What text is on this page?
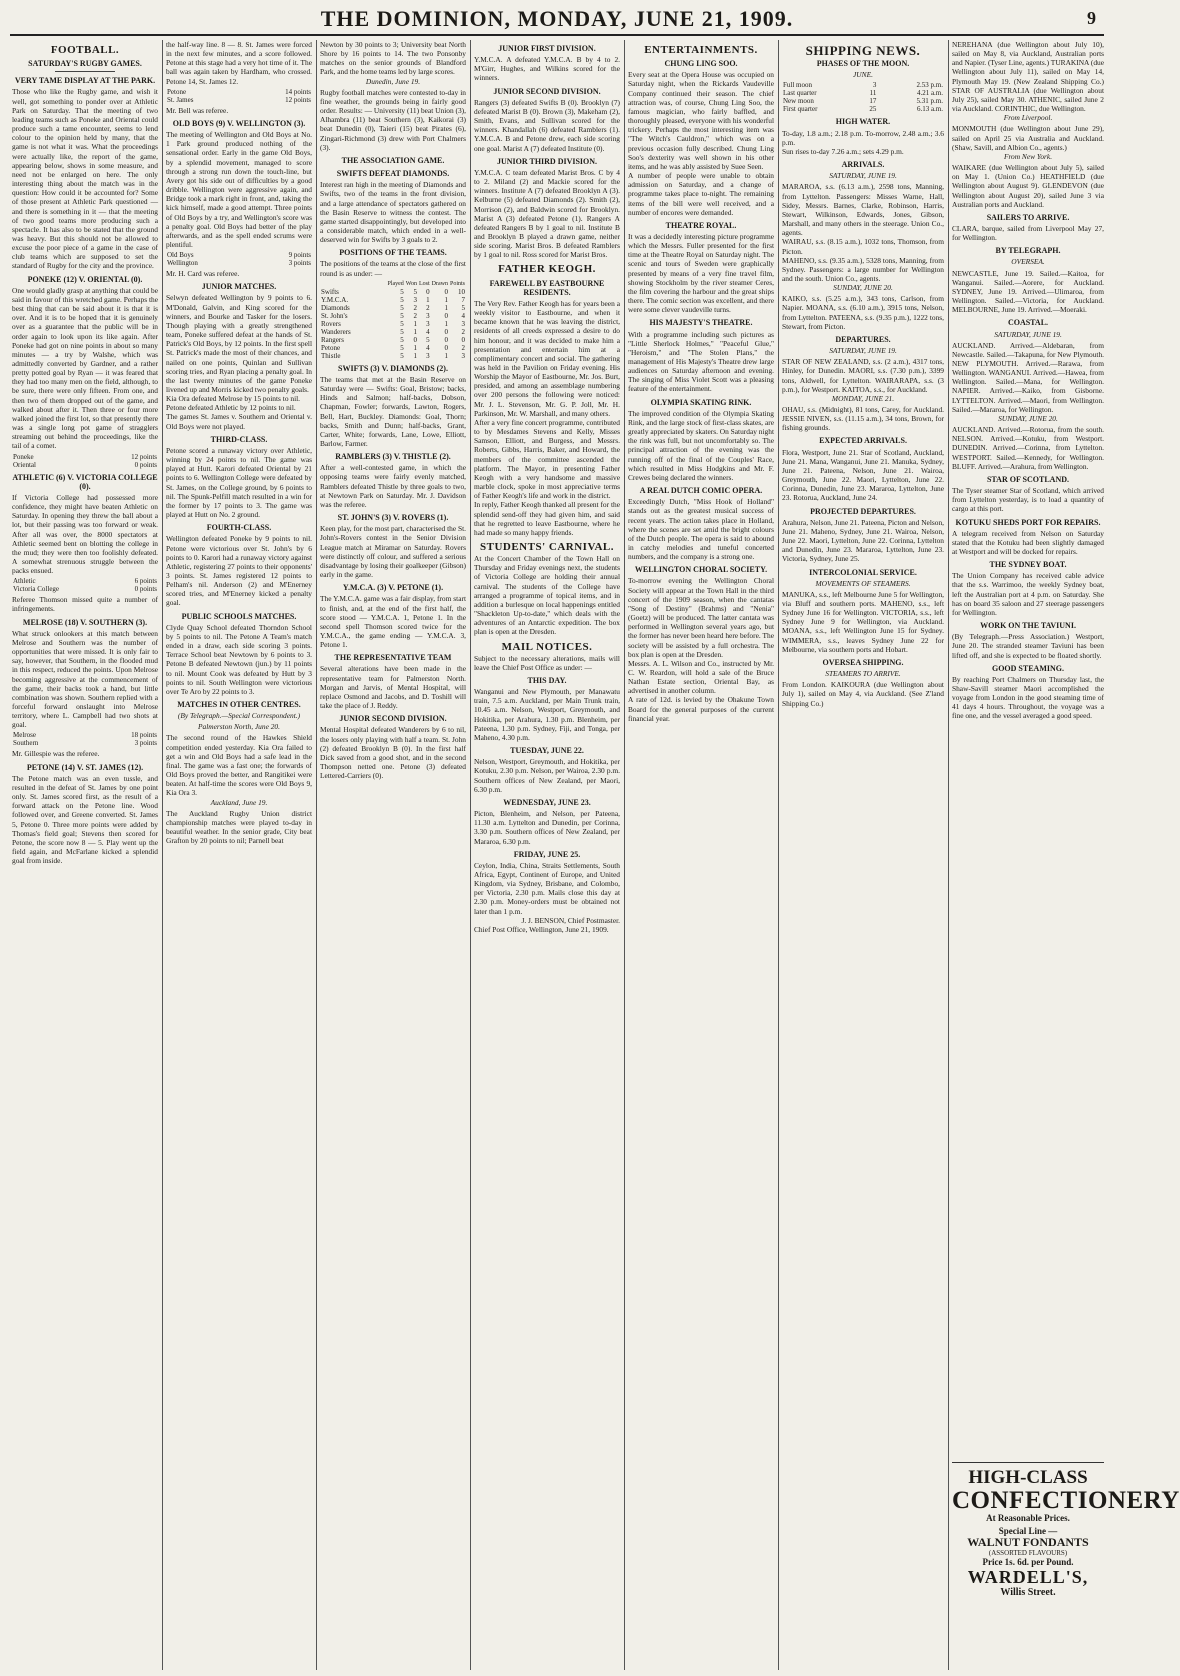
THE DOMINION, MONDAY, JUNE 21, 1909.	9
FOOTBALL.
SATURDAY'S RUGBY GAMES.
VERY TAME DISPLAY AT THE PARK.

Those who like the Rugby game, and wish it well, got something to ponder over at Athletic Park on Saturday. That the meeting of two leading teams such as Poneke and Oriental could produce such a tame encounter, seems to lend colour to the opinion held by many, that the game is not what it was. What the proceedings were actually like, the report of the game, appearing below, shows in some measure, and need not be enlarged on here. The only interesting thing about the match was in the question: How could it be accounted for? Some of those present at Athletic Park questioned — and there is something in it — that the meeting of two good teams more producing such a spectacle. It has also to be stated that the ground was heavy. But this should not be allowed to excuse the poor piece of a game in the case of club teams which are supposed to set the standard of Rugby for the city and the province.

PONEKE (12) V. ORIENTAL (0).

One would gladly grasp at anything that could be said in favour of this wretched game. Perhaps the best thing that can be said about it is that it is over. And it is to be hoped that it is genuinely over as a guarantee that the public will be in order again to look upon its like again. After Poneke had got on nine points in about so many minutes — a try by Walshe, which was admittedly converted by Gardner, and a rather pretty potted goal by Ryan — it was feared that they had too many men on the field, although, to be sure, there were only fifteen. From one, and then two of them dropped out of the game, and walked about after it. Then three or four more walked joined the first lot, so that presently there was a single long pot game of stragglers streaming out behind the proceedings, like the tail of a comet.

Poneke	12 points
Oriental	0 points
ATHLETIC (6) V. VICTORIA COLLEGE (0).

If Victoria College had possessed more confidence, they might have beaten Athletic on Saturday. In opening they threw the ball about a lot, but their passing was too forward or weak. After all was over, the 8000 spectators at Athletic seemed bent on blotting the college in the mud; they were then too foolishly defeated. A somewhat strenuous struggle between the packs ensued.

Athletic	6 points
Victoria College	0 points

Referee Thomson missed quite a number of infringements.

MELROSE (18) V. SOUTHERN (3).

What struck onlookers at this match between Melrose and Southern was the number of opportunities that were missed. It is only fair to say, however, that Southern, in the flooded mud in this respect, reduced the points. Upon Melrose becoming aggressive at the commencement of the game, their backs took a hand, but little combination was shown. Southern replied with a forceful forward onslaught into Melrose territory, where L. Campbell had two shots at goal.

Melrose	18 points
Southern	3 points

Mr. Gillespie was the referee.

PETONE (14) V. ST. JAMES (12).

The Petone match was an even tussle, and resulted in the defeat of St. James by one point only. St. James scored first, as the result of a forward attack on the Petone line. Wood followed over, and Greene converted. St. James 5, Petone 0. Three more points were added by Thomas's field goal; Stevens then scored for Petone, the score now 8 — 5. Play went up the field again, and McFarlane kicked a splendid goal from inside.

the half-way line. 8 — 8. St. James were forced in the next few minutes, and a score followed. Petone at this stage had a very hot time of it. The ball was again taken by Hardham, who crossed. Petone 14, St. James 12.

Petone	14 points
St. James	12 points

Mr. Bell was referee.

OLD BOYS (9) V. WELLINGTON (3).

The meeting of Wellington and Old Boys at No. 1 Park ground produced nothing of the sensational order. Early in the game Old Boys, by a splendid movement, managed to score through a strong run down the touch-line, but Avery got his side out of difficulties by a good dribble. Wellington were aggressive again, and Bridge took a mark right in front, and, taking the kick himself, made a good attempt. Three points of Old Boys by a try, and Wellington's score was a penalty goal. Old Boys had better of the play afterwards, and as the spell ended scrums were plentiful.

Old Boys	9 points
Wellington	3 points

Mr. H. Card was referee.

JUNIOR MATCHES.

Selwyn defeated Wellington by 9 points to 6. M'Donald, Galvin, and King scored for the winners, and Bourke and Tasker for the losers. Though playing with a greatly strengthened team, Poneke suffered defeat at the hands of St. Patrick's Old Boys, by 12 points. In the first spell St. Patrick's made the most of their chances, and nailed on one points, Quinlan and Sullivan scoring tries, and Ryan placing a penalty goal. In the last twenty minutes of the game Poneke livened up and Morris kicked two penalty goals.

Kia Ora defeated Melrose by 15 points to nil.

Petone defeated Athletic by 12 points to nil.

The games St. James v. Southern and Oriental v. Old Boys were not played.

THIRD-CLASS.

Petone scored a runaway victory over Athletic, winning by 24 points to nil. The game was played at Hutt. Karori defeated Oriental by 21 points to 6. Wellington College were defeated by St. James, on the College ground, by 6 points to nil. The Spunk-Pelfill match resulted in a win for the former by 17 points to 3. The game was played at Hutt on No. 2 ground.

FOURTH-CLASS.

Wellington defeated Poneke by 9 points to nil. Petone were victorious over St. John's by 6 points to 0. Karori had a runaway victory against Athletic, registering 27 points to their opponents' 3 points. St. James registered 12 points to Pelham's nil. Anderson (2) and M'Enerney scored tries, and M'Enerney kicked a penalty goal.

PUBLIC SCHOOLS MATCHES.

Clyde Quay School defeated Thorndon School by 5 points to nil. The Petone A Team's match ended in a draw, each side scoring 3 points. Terrace School beat Newtown by 6 points to 3. Petone B defeated Newtown (jun.) by 11 points to nil. Mount Cook was defeated by Hutt by 3 points to nil. South Wellington were victorious over Te Aro by 22 points to 3.

MATCHES IN OTHER CENTRES.
(By Telegraph.—Special Correspondent.)
Palmerston North, June 20.

The second round of the Hawkes Shield competition ended yesterday. Kia Ora failed to get a win and Old Boys had a safe lead in the final. The game was a fast one; the forwards of Old Boys proved the better, and Rangitikei were beaten. At half-time the scores were Old Boys 9, Kia Ora 3.

Auckland, June 19.

The Auckland Rugby Union district championship matches were played to-day in beautiful weather. In the senior grade, City beat Grafton by 20 points to nil; Parnell beat

Newton by 30 points to 3; University beat North Shore by 16 points to 14. The two Ponsonby matches on the senior grounds of Blandford Park, and the home teams led by large scores.

Dunedin, June 19.

Rugby football matches were contested to-day in fine weather, the grounds being in fairly good order. Results: — University (11) beat Union (3), Alhambra (11) beat Southern (3), Kaikorai (3) beat Dunedin (0), Taieri (15) beat Pirates (6), Zingari-Richmond (3) drew with Port Chalmers (3).

THE ASSOCIATION GAME.
SWIFTS DEFEAT DIAMONDS.

Interest ran high in the meeting of Diamonds and Swifts, two of the teams in the front division, and a large attendance of spectators gathered on the Basin Reserve to witness the contest. The game started disappointingly, but developed into a considerable match, which ended in a well-deserved win for Swifts by 3 goals to 2.

POSITIONS OF THE TEAMS.

The positions of the teams at the close of the first round is as under: —

	Played	Won	Lost	Drawn	Points
Swifts	5	5	0	0	10
Y.M.C.A.	5	3	1	1	7
Diamonds	5	2	2	1	5
St. John's	5	2	3	0	4
Rovers	5	1	3	1	3
Wanderers	5	1	4	0	2
Rangers	5	0	5	0	0
Petone	5	1	4	0	2
Thistle	5	1	3	1	3
SWIFTS (3) V. DIAMONDS (2).

The teams that met at the Basin Reserve on Saturday were — Swifts: Goal, Bristow; backs, Hinds and Salmon; half-backs, Dobson, Chapman, Fowler; forwards, Lawton, Rogers, Bell, Hart, Buckley. Diamonds: Goal, Thorn; backs, Smith and Dunn; half-backs, Grant, Carter, White; forwards, Lane, Lowe, Elliott, Barlow, Farmer.

RAMBLERS (3) V. THISTLE (2).

After a well-contested game, in which the opposing teams were fairly evenly matched, Ramblers defeated Thistle by three goals to two, at Newtown Park on Saturday. Mr. J. Davidson was the referee.

ST. JOHN'S (3) V. ROVERS (1).

Keen play, for the most part, characterised the St. John's-Rovers contest in the Senior Division League match at Miramar on Saturday. Rovers were distinctly off colour, and suffered a serious disadvantage by losing their goalkeeper (Gibson) early in the game.

Y.M.C.A. (3) V. PETONE (1).

The Y.M.C.A. game was a fair display, from start to finish, and, at the end of the first half, the score stood — Y.M.C.A. 1, Petone 1. In the second spell Thomson scored twice for the Y.M.C.A., the game ending — Y.M.C.A. 3, Petone 1.

THE REPRESENTATIVE TEAM

Several alterations have been made in the representative team for Palmerston North. Morgan and Jarvis, of Mental Hospital, will replace Osmond and Jacobs, and D. Toshill will take the place of J. Reddy.

JUNIOR SECOND DIVISION.

Mental Hospital defeated Wanderers by 6 to nil, the losers only playing with half a team. St. John (2) defeated Brooklyn B (0). In the first half Dick saved from a good shot, and in the second Thompson netted one. Petone (3) defeated Lettered-Carriers (0).

JUNIOR FIRST DIVISION.

Y.M.C.A. A defeated Y.M.C.A. B by 4 to 2. M'Girr, Hughes, and Wilkins scored for the winners.

JUNIOR SECOND DIVISION.

Rangers (3) defeated Swifts B (0). Brooklyn (7) defeated Marist B (0). Brown (3), Makeham (2), Smith, Evans, and Sullivan scored for the winners. Khandallah (6) defeated Ramblers (1). Y.M.C.A. B and Petone drew, each side scoring one goal. Marist A (7) defeated Institute (0).

JUNIOR THIRD DIVISION.

Y.M.C.A. C team defeated Marist Bros. C by 4 to 2. Miland (2) and Mackie scored for the winners. Institute A (7) defeated Brooklyn A (3). Kelburne (5) defeated Diamonds (2). Smith (2), Morrison (2), and Baldwin scored for Brooklyn. Marist A (3) defeated Petone (1). Rangers A defeated Rangers B by 1 goal to nil. Institute B and Brooklyn B played a drawn game, neither side scoring. Marist Bros. B defeated Ramblers by 1 goal to nil. Ross scored for Marist Bros.

FATHER KEOGH.
FAREWELL BY EASTBOURNE RESIDENTS.

The Very Rev. Father Keogh has for years been a weekly visitor to Eastbourne, and when it became known that he was leaving the district, residents of all creeds expressed a desire to do him honour, and it was decided to make him a presentation and entertain him at a complimentary concert and social. The gathering was held in the Pavilion on Friday evening. His Worship the Mayor of Eastbourne, Mr. Jos. Burt, presided, and among an assemblage numbering over 200 persons the following were noticed: Mr. J. L. Stevenson, Mr. G. P. Joll, Mr. H. Parkinson, Mr. W. Marshall, and many others.

After a very fine concert programme, contributed to by Mesdames Stevens and Kelly, Misses Samson, Elliott, and Burgess, and Messrs. Roberts, Gibbs, Harris, Baker, and Howard, the members of the committee ascended the platform. The Mayor, in presenting Father Keogh with a very handsome and massive marble clock, spoke in most appreciative terms of Father Keogh's life and work in the district.

In reply, Father Keogh thanked all present for the splendid send-off they had given him, and said that he regretted to leave Eastbourne, where he had made so many happy friends.

STUDENTS' CARNIVAL.

At the Concert Chamber of the Town Hall on Thursday and Friday evenings next, the students of Victoria College are holding their annual carnival. The students of the College have arranged a programme of topical items, and in addition a burlesque on local happenings entitled "Shackleton Up-to-date," which deals with the adventures of an Antarctic expedition. The box plan is open at the Dresden.

MAIL NOTICES.

Subject to the necessary alterations, mails will leave the Chief Post Office as under: —

THIS DAY.

Wanganui and New Plymouth, per Manawatu train, 7.5 a.m. Auckland, per Main Trunk train, 10.45 a.m. Nelson, Westport, Greymouth, and Hokitika, per Arahura, 1.30 p.m. Blenheim, per Pateena, 1.30 p.m. Sydney, Fiji, and Tonga, per Maheno, 4.30 p.m.

TUESDAY, JUNE 22.

Nelson, Westport, Greymouth, and Hokitika, per Kotuku, 2.30 p.m. Nelson, per Wairoa, 2.30 p.m. Southern offices of New Zealand, per Maori, 6.30 p.m.

WEDNESDAY, JUNE 23.

Picton, Blenheim, and Nelson, per Pateena, 11.30 a.m. Lyttelton and Dunedin, per Corinna, 3.30 p.m. Southern offices of New Zealand, per Mararoa, 6.30 p.m.

FRIDAY, JUNE 25.

Ceylon, India, China, Straits Settlements, South Africa, Egypt, Continent of Europe, and United Kingdom, via Sydney, Brisbane, and Colombo, per Victoria, 2.30 p.m. Mails close this day at 2.30 p.m. Money-orders must be obtained not later than 1 p.m.

J. J. BENSON, Chief Postmaster.

Chief Post Office, Wellington, June 21, 1909.

ENTERTAINMENTS.
CHUNG LING SOO.

Every seat at the Opera House was occupied on Saturday night, when the Rickards Vaudeville Company continued their season. The chief attraction was, of course, Chung Ling Soo, the famous magician, who fairly baffled, and thoroughly pleased, everyone with his wonderful trickery. Perhaps the most interesting item was "The Witch's Cauldron," which was on a previous occasion fully described. Chung Ling Soo's dexterity was well shown in his other items, and he was ably assisted by Suee Seen.

A number of people were unable to obtain admission on Saturday, and a change of programme takes place to-night. The remaining items of the bill were well received, and a number of encores were demanded.

THEATRE ROYAL.

It was a decidedly interesting picture programme which the Messrs. Fuller presented for the first time at the Theatre Royal on Saturday night. The scenic and tours of Sweden were graphically presented by means of a very fine travel film, showing Stockholm by the river steamer Ceres, the film covering the harbour and the great ships there. The comic section was excellent, and there were some clever vaudeville turns.

HIS MAJESTY'S THEATRE.

With a programme including such pictures as "Little Sherlock Holmes," "Peaceful Glue," "Heroism," and "The Stolen Plans," the management of His Majesty's Theatre drew large audiences on Saturday afternoon and evening. The singing of Miss Violet Scott was a pleasing feature of the entertainment.

OLYMPIA SKATING RINK.

The improved condition of the Olympia Skating Rink, and the large stock of first-class skates, are greatly appreciated by skaters. On Saturday night the rink was full, but not uncomfortably so. The principal attraction of the evening was the running off of the final of the Couples' Race, which resulted in Miss Hodgkins and Mr. F. Crewes being declared the winners.

A REAL DUTCH COMIC OPERA.

Exceedingly Dutch, "Miss Hook of Holland" stands out as the greatest musical success of recent years. The action takes place in Holland, where the scenes are set amid the bright colours of the Dutch people. The opera is said to abound in catchy melodies and tuneful concerted numbers, and the company is a strong one.

WELLINGTON CHORAL SOCIETY.

To-morrow evening the Wellington Choral Society will appear at the Town Hall in the third concert of the 1909 season, when the cantatas "Song of Destiny" (Brahms) and "Nenia" (Goetz) will be produced. The latter cantata was performed in Wellington several years ago, but the former has never been heard here before. The society will be assisted by a full orchestra. The box plan is open at the Dresden.

Messrs. A. L. Wilson and Co., instructed by Mr. C. W. Reardon, will hold a sale of the Bruce Nathan Estate section, Oriental Bay, as advertised in another column.

A rate of 12d. is levied by the Ohakune Town Board for the general purposes of the current financial year.

SHIPPING NEWS.
PHASES OF THE MOON.
JUNE.
Full moon	3	2.53 p.m.
Last quarter	11	4.21 a.m.
New moon	17	5.31 p.m.
First quarter	25	6.13 a.m.
HIGH WATER.

To-day, 1.8 a.m.; 2.18 p.m. To-morrow, 2.48 a.m.; 3.6 p.m.

Sun rises to-day 7.26 a.m.; sets 4.29 p.m.

ARRIVALS.
SATURDAY, JUNE 19.

MARAROA, s.s. (6.13 a.m.), 2598 tons, Manning, from Lyttelton. Passengers: Misses Warne, Hall, Sidey, Messrs. Barnes, Clarke, Robinson, Harris, Stewart, Wilkinson, Edwards, Jones, Gibson, Marshall, and many others in the steerage. Union Co., agents.

WAIRAU, s.s. (8.15 a.m.), 1032 tons, Thomson, from Picton.

MAHENO, s.s. (9.35 a.m.), 5328 tons, Manning, from Sydney. Passengers: a large number for Wellington and the south. Union Co., agents.

SUNDAY, JUNE 20.

KAIKO, s.s. (5.25 a.m.), 343 tons, Carlson, from Napier. MOANA, s.s. (6.10 a.m.), 3915 tons, Nelson, from Lyttelton. PATEENA, s.s. (9.35 p.m.), 1222 tons, Stewart, from Picton.

DEPARTURES.
SATURDAY, JUNE 19.

STAR OF NEW ZEALAND, s.s. (2 a.m.), 4317 tons, Hinley, for Dunedin. MAORI, s.s. (7.30 p.m.), 3399 tons, Aldwell, for Lyttelton. WAIRARAPA, s.s. (3 p.m.), for Westport. KAITOA, s.s., for Auckland.

MONDAY, JUNE 21.

OHAU, s.s. (Midnight), 81 tons, Carey, for Auckland. JESSIE NIVEN, s.s. (11.15 a.m.), 34 tons, Brown, for fishing grounds.

EXPECTED ARRIVALS.

Flora, Westport, June 21. Star of Scotland, Auckland, June 21. Mana, Wanganui, June 21. Manuka, Sydney, June 21. Pateena, Nelson, June 21. Wairoa, Greymouth, June 22. Maori, Lyttelton, June 22. Corinna, Dunedin, June 23. Mararoa, Lyttelton, June 23. Rotorua, Auckland, June 24.

PROJECTED DEPARTURES.

Arahura, Nelson, June 21. Pateena, Picton and Nelson, June 21. Maheno, Sydney, June 21. Wairoa, Nelson, June 22. Maori, Lyttelton, June 22. Corinna, Lyttelton and Dunedin, June 23. Mararoa, Lyttelton, June 23. Victoria, Sydney, June 25.

INTERCOLONIAL SERVICE.
MOVEMENTS OF STEAMERS.

MANUKA, s.s., left Melbourne June 5 for Wellington, via Bluff and southern ports. MAHENO, s.s., left Sydney June 16 for Wellington. VICTORIA, s.s., left Sydney June 9 for Wellington, via Auckland. MOANA, s.s., left Wellington June 15 for Sydney. WIMMERA, s.s., leaves Sydney June 22 for Melbourne, via southern ports and Hobart.

OVERSEA SHIPPING.
STEAMERS TO ARRIVE.

From London. KAIKOURA (due Wellington about July 1), sailed on May 4, via Auckland. (See Z'land Shipping Co.)

NEREHANA (due Wellington about July 10), sailed on May 8, via Auckland, Australian ports and Napier. (Tyser Line, agents.) TURAKINA (due Wellington about July 11), sailed on May 14, Plymouth May 19. (New Zealand Shipping Co.) STAR OF AUSTRALIA (due Wellington about July 25), sailed May 30. ATHENIC, sailed June 2 via Auckland. CORINTHIC, due Wellington.

From Liverpool.

MONMOUTH (due Wellington about June 29), sailed on April 25 via Australia and Auckland. (Shaw, Savill, and Albion Co., agents.)

From New York.

WAIKARE (due Wellington about July 5), sailed on May 1. (Union Co.) HEATHFIELD (due Wellington about August 9). GLENDEVON (due Wellington about August 20), sailed June 3 via Australian ports and Auckland.

SAILERS TO ARRIVE.

CLARA, barque, sailed from Liverpool May 27, for Wellington.

BY TELEGRAPH.
OVERSEA.

NEWCASTLE, June 19. Sailed.—Kaitoa, for Wanganui. Sailed.—Aorere, for Auckland. SYDNEY, June 19. Arrived.—Ulimaroa, from Wellington. Sailed.—Victoria, for Auckland. MELBOURNE, June 19. Arrived.—Moeraki.

COASTAL.
SATURDAY, JUNE 19.

AUCKLAND. Arrived.—Aldebaran, from Newcastle. Sailed.—Takapuna, for New Plymouth. NEW PLYMOUTH. Arrived.—Rarawa, from Wellington. WANGANUI. Arrived.—Hawea, from Wellington. Sailed.—Mana, for Wellington. NAPIER. Arrived.—Kaiko, from Gisborne. LYTTELTON. Arrived.—Maori, from Wellington. Sailed.—Mararoa, for Wellington.

SUNDAY, JUNE 20.

AUCKLAND. Arrived.—Rotorua, from the south. NELSON. Arrived.—Kotuku, from Westport. DUNEDIN. Arrived.—Corinna, from Lyttelton. WESTPORT. Sailed.—Kennedy, for Wellington. BLUFF. Arrived.—Arahura, from Wellington.

STAR OF SCOTLAND.

The Tyser steamer Star of Scotland, which arrived from Lyttelton yesterday, is to load a quantity of cargo at this port.

KOTUKU SHEDS PORT FOR REPAIRS.

A telegram received from Nelson on Saturday stated that the Kotuku had been slightly damaged at Westport and will be docked for repairs.

THE SYDNEY BOAT.

The Union Company has received cable advice that the s.s. Warrimoo, the weekly Sydney boat, left the Australian port at 4 p.m. on Saturday. She has on board 35 saloon and 27 steerage passengers for Wellington.

WORK ON THE TAVIUNI.

(By Telegraph.—Press Association.) Westport, June 20. The stranded steamer Taviuni has been lifted off, and she is expected to be floated shortly.

GOOD STEAMING.

By reaching Port Chalmers on Thursday last, the Shaw-Savill steamer Maori accomplished the voyage from London in the good steaming time of 41 days 4 hours. Throughout, the voyage was a fine one, and the vessel averaged a good speed.

HIGH-CLASS
CONFECTIONERY
At Reasonable Prices.
Special Line —
WALNUT FONDANTS
(ASSORTED FLAVOURS)
Price 1s. 6d. per Pound.
WARDELL'S,
Willis Street.
